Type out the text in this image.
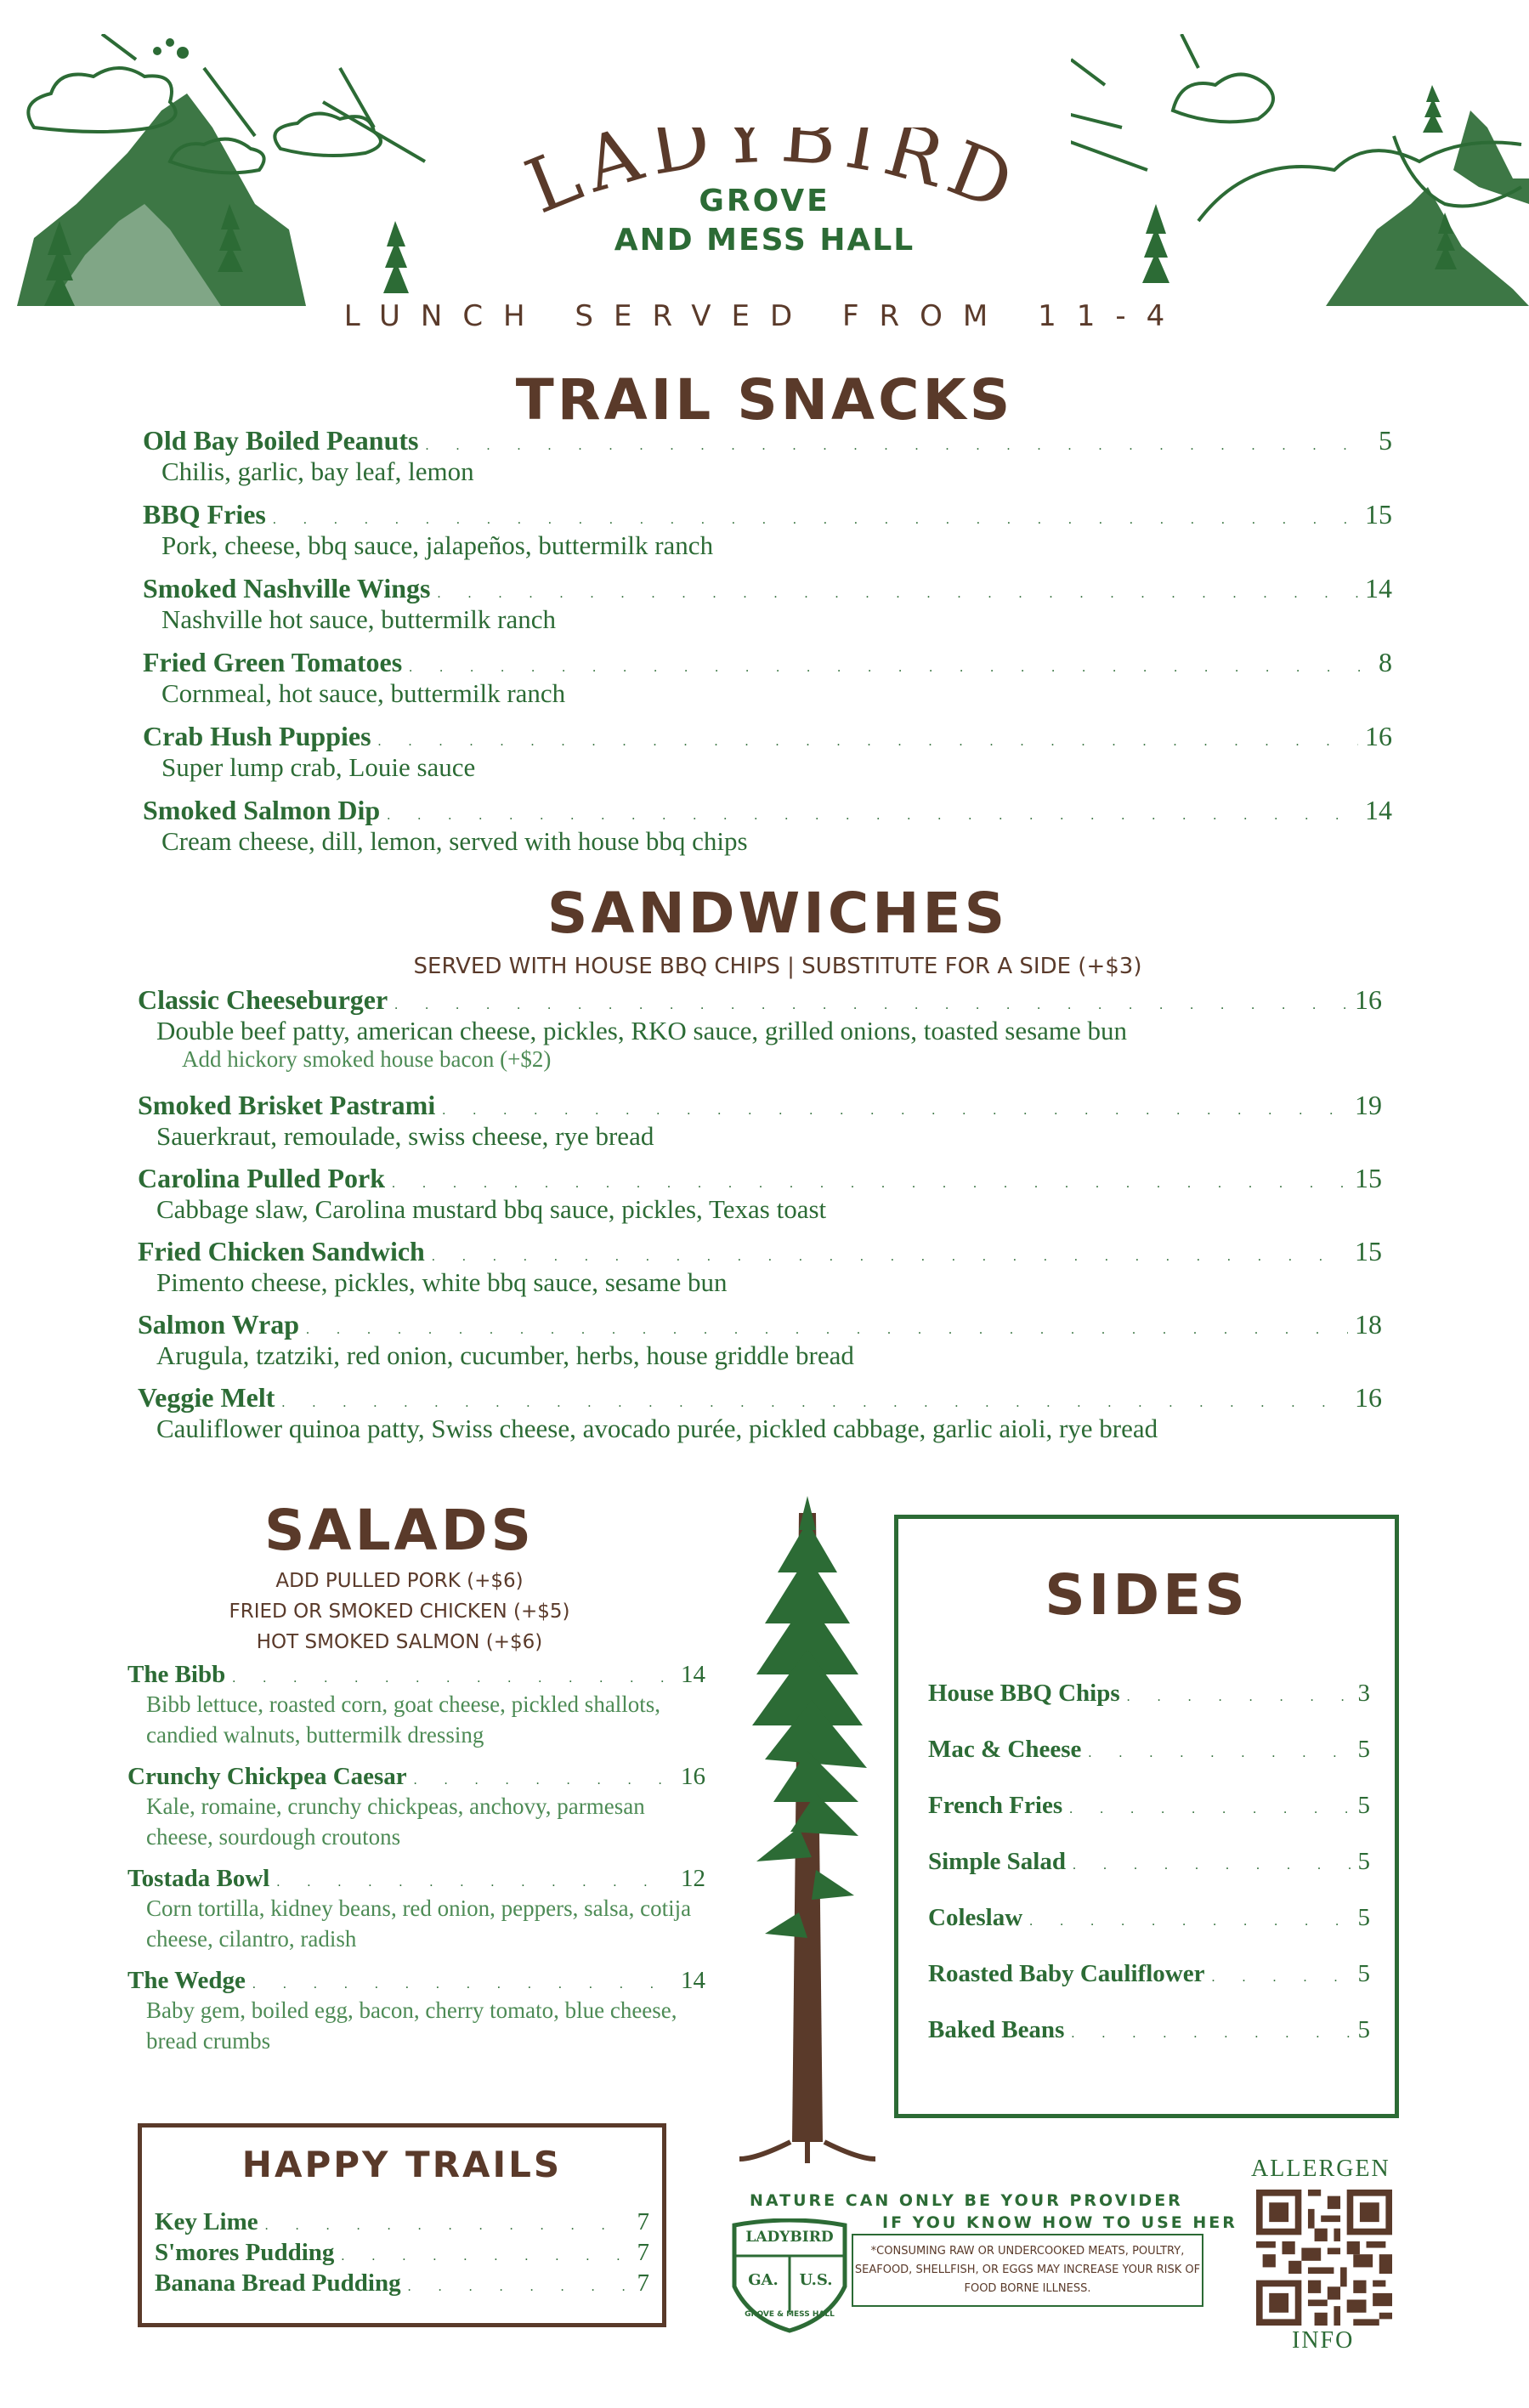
LADYBIRD
GROVE
AND MESS HALL
LUNCH SERVED FROM 11-4
TRAIL SNACKS
Old Bay Boiled Peanuts . . .	5
Chilis, garlic, bay leaf, lemon
BBQ Fries . . .	15
Pork, cheese, bbq sauce, jalapeños, buttermilk ranch
Smoked Nashville Wings . . .	14
Nashville hot sauce, buttermilk ranch
Fried Green Tomatoes . . .	8
Cornmeal, hot sauce, buttermilk ranch
Crab Hush Puppies . . .	16
Super lump crab, Louie sauce
Smoked Salmon Dip . . .	14
Cream cheese, dill, lemon, served with house bbq chips
SANDWICHES
SERVED WITH HOUSE BBQ CHIPS | SUBSTITUTE FOR A SIDE (+$3)
Classic Cheeseburger . . .	16
Double beef patty, american cheese, pickles, RKO sauce, grilled onions, toasted sesame bun
Add hickory smoked house bacon (+$2)
Smoked Brisket Pastrami . . .	19
Sauerkraut, remoulade, swiss cheese, rye bread
Carolina Pulled Pork . . .	15
Cabbage slaw, Carolina mustard bbq sauce, pickles, Texas toast
Fried Chicken Sandwich . . .	15
Pimento cheese, pickles, white bbq sauce, sesame bun
Salmon Wrap . . .	18
Arugula, tzatziki, red onion, cucumber, herbs, house griddle bread
Veggie Melt . . .	16
Cauliflower quinoa patty, Swiss cheese, avocado purée, pickled cabbage, garlic aioli, rye bread
SALADS
ADD PULLED PORK (+$6)
FRIED OR SMOKED CHICKEN (+$5)
HOT SMOKED SALMON (+$6)
The Bibb . . .	14
Bibb lettuce, roasted corn, goat cheese, pickled shallots, candied walnuts, buttermilk dressing
Crunchy Chickpea Caesar . . .	16
Kale, romaine, crunchy chickpeas, anchovy, parmesan cheese, sourdough croutons
Tostada Bowl . . .	12
Corn tortilla, kidney beans, red onion, peppers, salsa, cotija cheese, cilantro, radish
The Wedge . . .	14
Baby gem, boiled egg, bacon, cherry tomato, blue cheese, bread crumbs
SIDES
House BBQ Chips . . .	3
Mac & Cheese . . .	5
French Fries . . .	5
Simple Salad . . .	5
Coleslaw . . .	5
Roasted Baby Cauliflower . . .	5
Baked Beans . . .	5
HAPPY TRAILS
Key Lime . . .	7
S'mores Pudding . . .	7
Banana Bread Pudding . . .	7
NATURE CAN ONLY BE YOUR PROVIDER
IF YOU KNOW HOW TO USE HER
LADYBIRD
GA.	U.S.
GROVE & MESS HALL
*CONSUMING RAW OR UNDERCOOKED MEATS, POULTRY, SEAFOOD, SHELLFISH, OR EGGS MAY INCREASE YOUR RISK OF FOOD BORNE ILLNESS.
ALLERGEN
INFO
